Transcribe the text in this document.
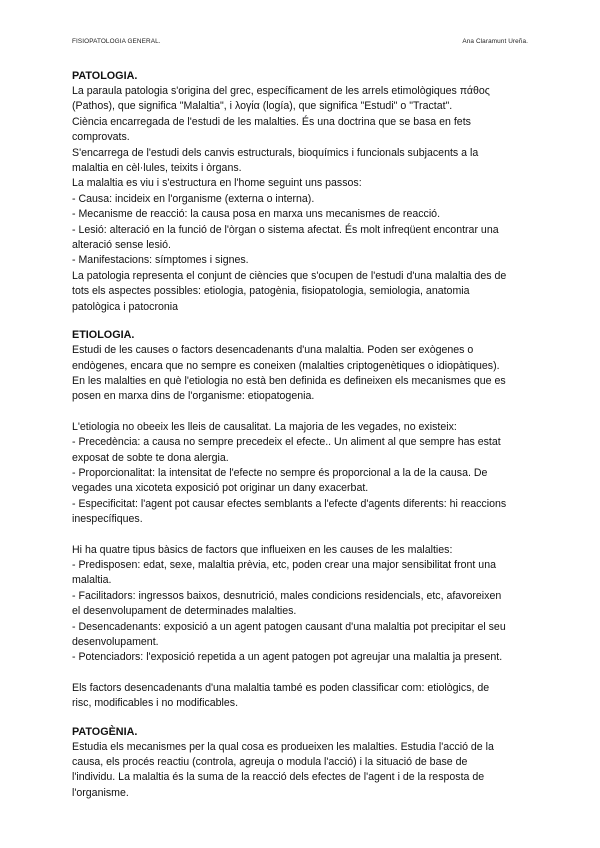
FISIOPATOLOGIA GENERAL.	Ana Claramunt Ureña.
PATOLOGIA.

La paraula patologia s'origina del grec, específicament de les arrels etimològiques πάθος
(Pathos), que significa "Malaltia", i λογία (logía), que significa "Estudi" o "Tractat".
Ciència encarregada de l'estudi de les malalties. És una doctrina que se basa en fets
comprovats.
S'encarrega de l'estudi dels canvis estructurals, bioquímics i funcionals subjacents a la
malaltia en cèl·lules, teixits i òrgans.
La malaltia es viu i s'estructura en l'home seguint uns passos:
- Causa: incideix en l'organisme (externa o interna).
- Mecanisme de reacció: la causa posa en marxa uns mecanismes de reacció.
- Lesió: alteració en la funció de l'òrgan o sistema afectat. És molt infreqüent encontrar una
alteració sense lesió.
- Manifestacions: símptomes i signes.
La patologia representa el conjunt de ciències que s'ocupen de l'estudi d'una malaltia des de
tots els aspectes possibles: etiologia, patogènia, fisiopatologia, semiologia, anatomia
patològica i patocronia

ETIOLOGIA.

Estudi de les causes o factors desencadenants d'una malaltia. Poden ser exògenes o
endògenes, encara que no sempre es coneixen (malalties criptogenètiques o idiopàtiques).
En les malalties en què l'etiologia no està ben definida es defineixen els mecanismes que es
posen en marxa dins de l'organisme: etiopatogenia.

L'etiologia no obeeix les lleis de causalitat. La majoria de les vegades, no existeix:
- Precedència: a causa no sempre precedeix el efecte.. Un aliment al que sempre has estat
exposat de sobte te dona alergia.
- Proporcionalitat: la intensitat de l'efecte no sempre és proporcional a la de la causa. De
vegades una xicoteta exposició pot originar un dany exacerbat.
- Especificitat: l'agent pot causar efectes semblants a l'efecte d'agents diferents: hi reaccions
inespecífiques.

Hi ha quatre tipus bàsics de factors que influeixen en les causes de les malalties:
- Predisposen: edat, sexe, malaltia prèvia, etc, poden crear una major sensibilitat front una
malaltia.
- Facilitadors: ingressos baixos, desnutrició, males condicions residencials, etc, afavoreixen
el desenvolupament de determinades malalties.
- Desencadenants: exposició a un agent patogen causant d'una malaltia pot precipitar el seu
desenvolupament.
- Potenciadors: l'exposició repetida a un agent patogen pot agreujar una malaltia ja present.

Els factors desencadenants d'una malaltia també es poden classificar com: etiològics, de
risc, modificables i no modificables.

PATOGÈNIA.

Estudia els mecanismes per la qual cosa es produeixen les malalties. Estudia l'acció de la
causa, els procés reactiu (controla, agreuja o modula l'acció) i la situació de base de
l'individu. La malaltia és la suma de la reacció dels efectes de l'agent i de la resposta de
l'organisme.
